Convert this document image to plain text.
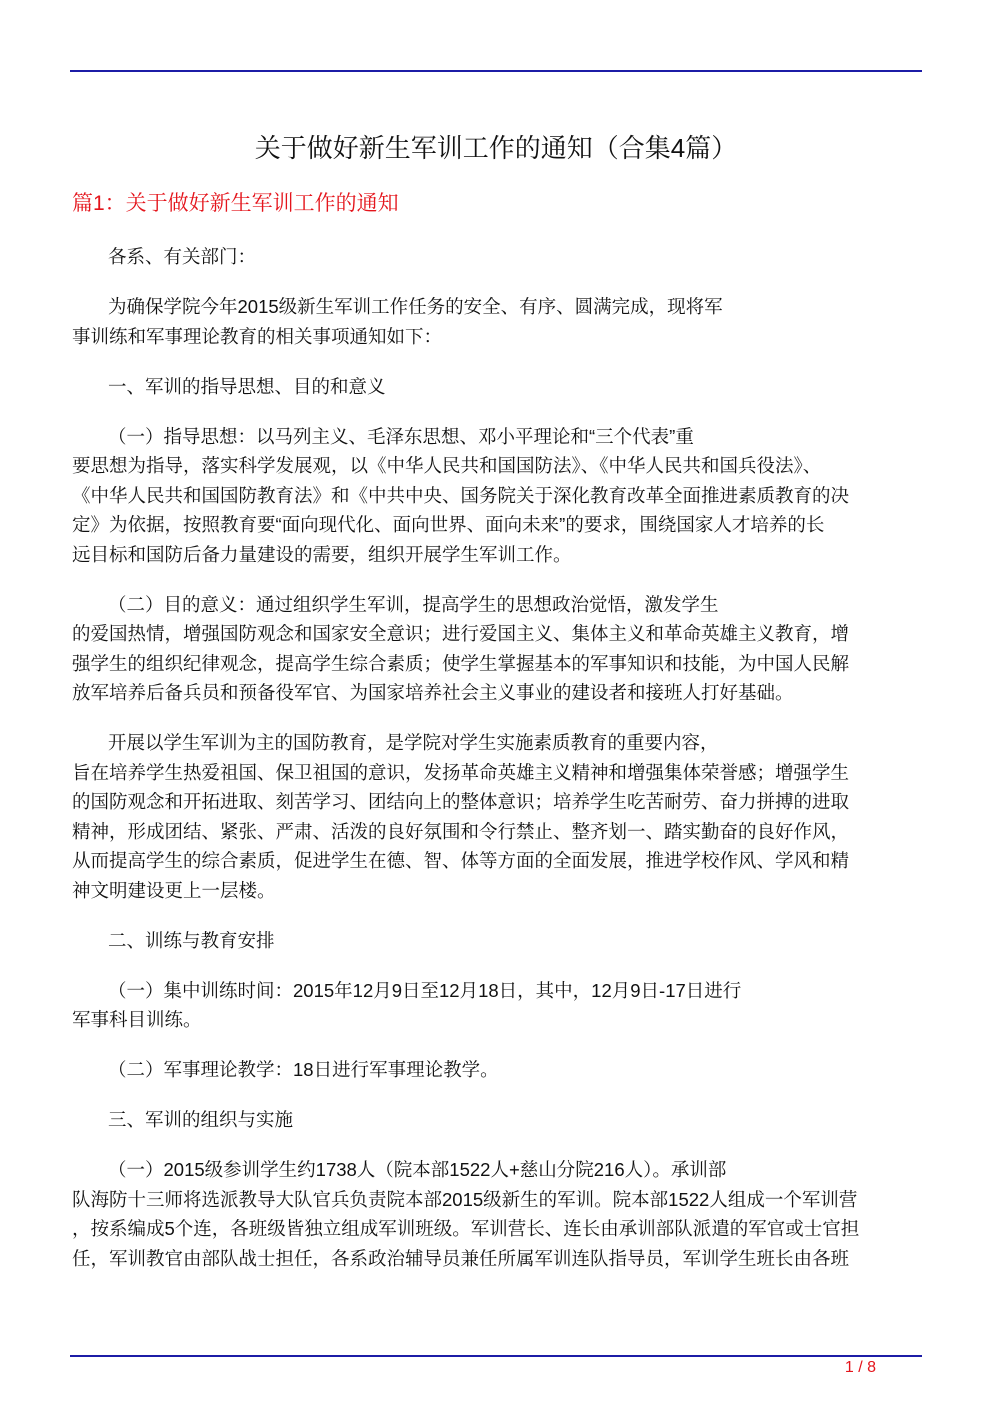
关于做好新生军训工作的通知（合集4篇）
篇1：关于做好新生军训工作的通知
各系、有关部门：
为确保学院今年2015级新生军训工作任务的安全、有序、圆满完成，现将军
事训练和军事理论教育的相关事项通知如下：
一、军训的指导思想、目的和意义
（一）指导思想：以马列主义、毛泽东思想、邓小平理论和“三个代表”重
要思想为指导，落实科学发展观，以《中华人民共和国国防法》、《中华人民共和国兵役法》、
《中华人民共和国国防教育法》和《中共中央、国务院关于深化教育改革全面推进素质教育的决
定》为依据，按照教育要“面向现代化、面向世界、面向未来”的要求，围绕国家人才培养的长
远目标和国防后备力量建设的需要，组织开展学生军训工作。
（二）目的意义：通过组织学生军训，提高学生的思想政治觉悟，激发学生
的爱国热情，增强国防观念和国家安全意识；进行爱国主义、集体主义和革命英雄主义教育，增
强学生的组织纪律观念，提高学生综合素质；使学生掌握基本的军事知识和技能，为中国人民解
放军培养后备兵员和预备役军官、为国家培养社会主义事业的建设者和接班人打好基础。
开展以学生军训为主的国防教育，是学院对学生实施素质教育的重要内容，
旨在培养学生热爱祖国、保卫祖国的意识，发扬革命英雄主义精神和增强集体荣誉感；增强学生
的国防观念和开拓进取、刻苦学习、团结向上的整体意识；培养学生吃苦耐劳、奋力拼搏的进取
精神，形成团结、紧张、严肃、活泼的良好氛围和令行禁止、整齐划一、踏实勤奋的良好作风，
从而提高学生的综合素质，促进学生在德、智、体等方面的全面发展，推进学校作风、学风和精
神文明建设更上一层楼。
二、训练与教育安排
（一）集中训练时间：2015年12月9日至12月18日，其中，12月9日-17日进行
军事科目训练。
（二）军事理论教学：18日进行军事理论教学。
三、军训的组织与实施
（一）2015级参训学生约1738人（院本部1522人+慈山分院216人）。承训部
队海防十三师将选派教导大队官兵负责院本部2015级新生的军训。院本部1522人组成一个军训营
，按系编成5个连，各班级皆独立组成军训班级。军训营长、连长由承训部队派遣的军官或士官担
任，军训教官由部队战士担任，各系政治辅导员兼任所属军训连队指导员，军训学生班长由各班
1 / 8
